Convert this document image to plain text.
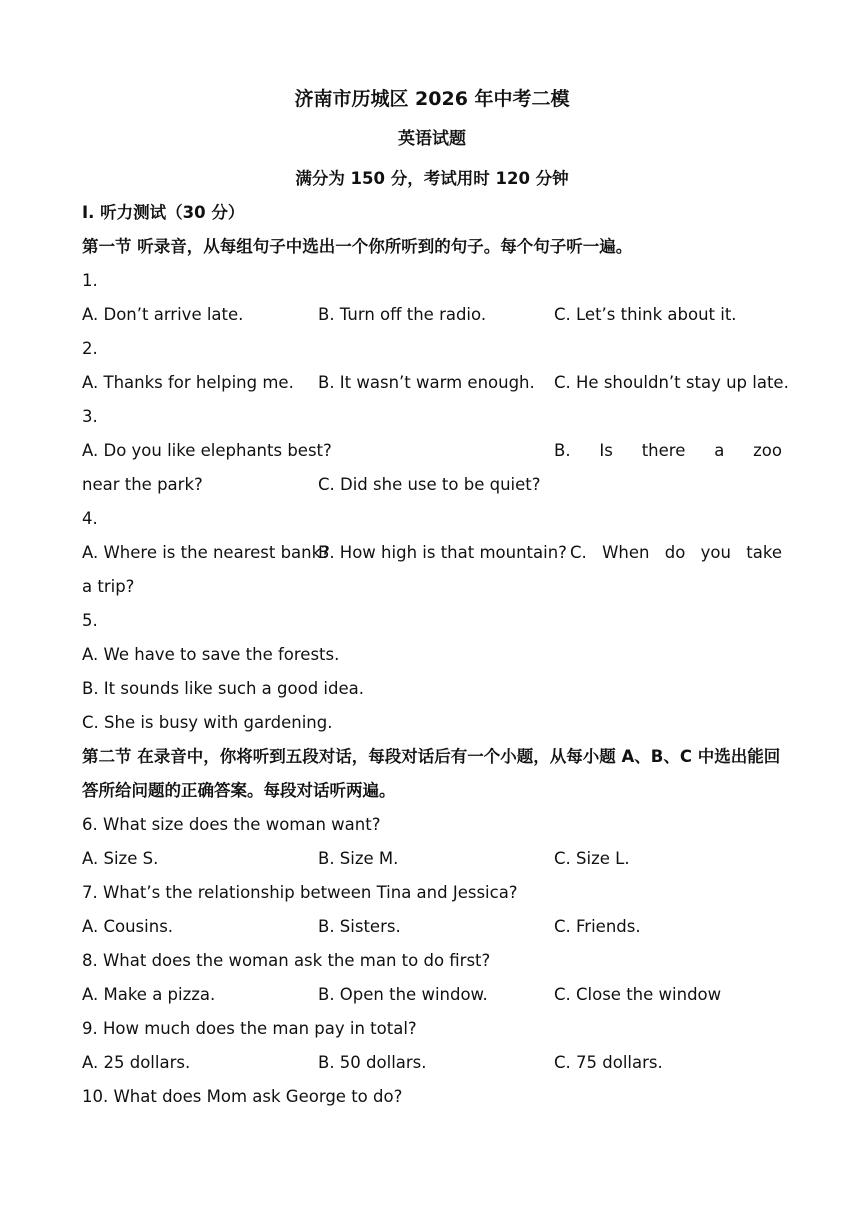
济南市历城区 2026 年中考二模
英语试题
满分为 150 分，考试用时 120 分钟
I. 听力测试（30 分）
第一节 听录音，从每组句子中选出一个你所听到的句子。每个句子听一遍。
1.
A. Don’t arrive late.	B. Turn off the radio.	C. Let’s think about it.
2.
A. Thanks for helping me. B. It wasn’t warm enough. C. He shouldn’t stay up late.
3.
A. Do you like elephants best?	B. Is there a zoo
near the park?	C. Did she use to be quiet?
4.
A. Where is the nearest bank?
B. How high is that mountain? C. When do you take
a trip?
5.
A. We have to save the forests.
B. It sounds like such a good idea.
C. She is busy with gardening.
第二节 在录音中，你将听到五段对话，每段对话后有一个小题，从每小题 A、B、C 中选出能回
答所给问题的正确答案。每段对话听两遍。
6. What size does the woman want?
A. Size S.	B. Size M.	C. Size L.
7. What’s the relationship between Tina and Jessica?
A. Cousins.	B. Sisters.	C. Friends.
8. What does the woman ask the man to do first?
A. Make a pizza.	B. Open the window.	C. Close the window
9. How much does the man pay in total?
A. 25 dollars.	B. 50 dollars.	C. 75 dollars.
10. What does Mom ask George to do?
